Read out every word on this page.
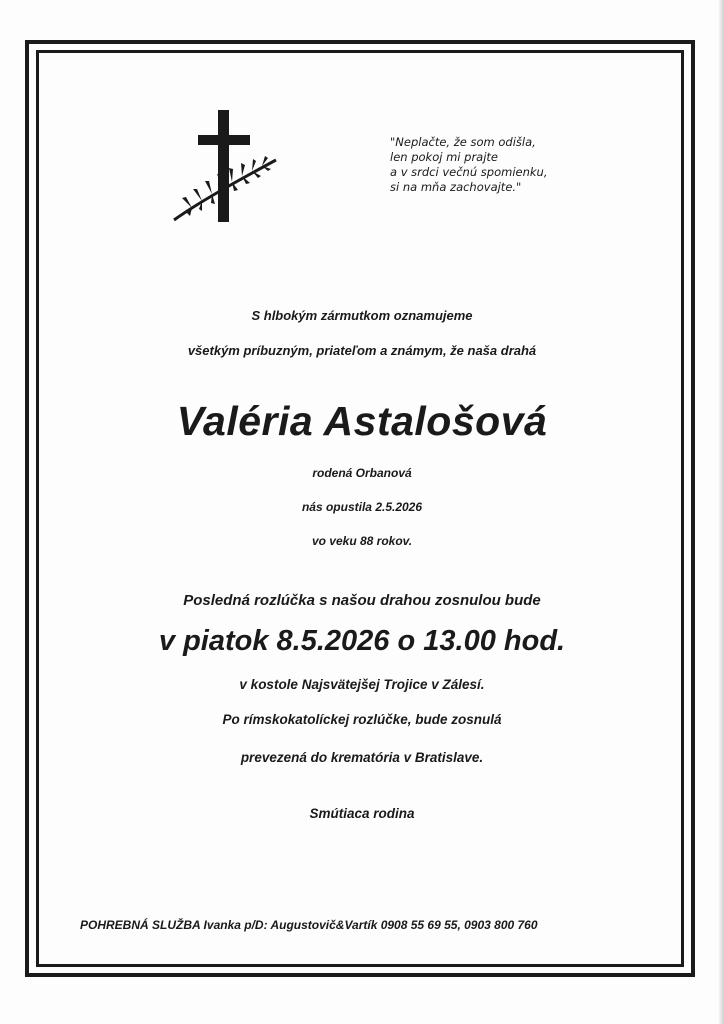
"Neplačte, že som odišla,
len pokoj mi prajte
a v srdci večnú spomienku,
si na mňa zachovajte."
S hlbokým zármutkom oznamujeme
všetkým príbuzným, priateľom a známym, že naša drahá
Valéria Astalošová
rodená Orbanová
nás opustila 2.5.2026
vo veku 88 rokov.
Posledná rozlúčka s našou drahou zosnulou bude
v piatok 8.5.2026 o 13.00 hod.
v kostole Najsvätejšej Trojice v Zálesí.
Po rímskokatolíckej rozlúčke, bude zosnulá
prevezená do krematória v Bratislave.
Smútiaca rodina
POHREBNÁ SLUŽBA Ivanka p/D: Augustovič&Vartík 0908 55 69 55, 0903 800 760
